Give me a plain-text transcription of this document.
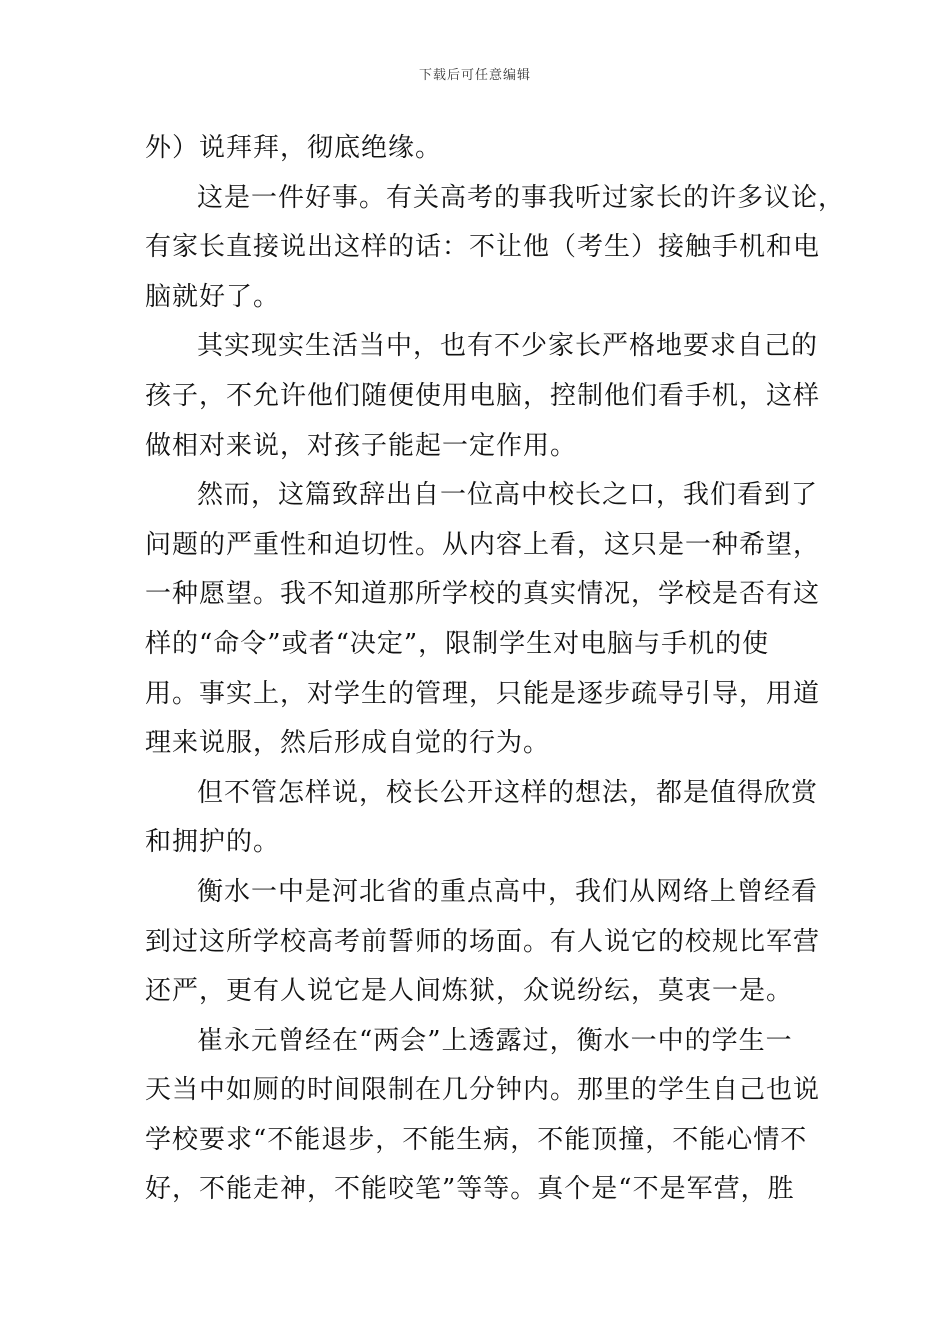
下载后可任意编辑
外）说拜拜，彻底绝缘。
这是一件好事。有关高考的事我听过家长的许多议论，
有家长直接说出这样的话：不让他（考生）接触手机和电
脑就好了。
其实现实生活当中，也有不少家长严格地要求自己的
孩子，不允许他们随便使用电脑，控制他们看手机，这样
做相对来说，对孩子能起一定作用。
然而，这篇致辞出自一位高中校长之口，我们看到了
问题的严重性和迫切性。从内容上看，这只是一种希望，
一种愿望。我不知道那所学校的真实情况，学校是否有这
样的“命令”或者“决定”，限制学生对电脑与手机的使
用。事实上，对学生的管理，只能是逐步疏导引导，用道
理来说服，然后形成自觉的行为。
但不管怎样说，校长公开这样的想法，都是值得欣赏
和拥护的。
衡水一中是河北省的重点高中，我们从网络上曾经看
到过这所学校高考前誓师的场面。有人说它的校规比军营
还严，更有人说它是人间炼狱，众说纷纭，莫衷一是。
崔永元曾经在“两会”上透露过，衡水一中的学生一
天当中如厕的时间限制在几分钟内。那里的学生自己也说
学校要求“不能退步，不能生病，不能顶撞，不能心情不
好，不能走神，不能咬笔”等等。真个是“不是军营，胜
